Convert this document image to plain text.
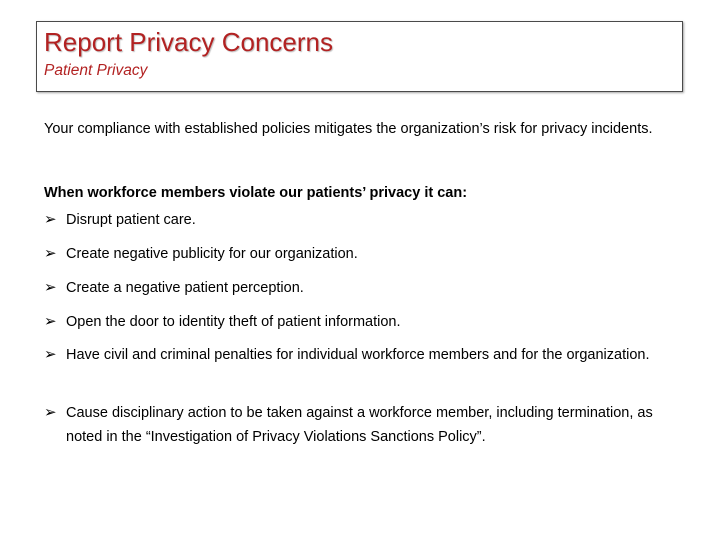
Report Privacy Concerns
Patient Privacy

Your compliance with established policies mitigates the organization’s risk for privacy incidents.

When workforce members violate our patients’ privacy it can:

➢ Disrupt patient care.
➢ Create negative publicity for our organization.
➢ Create a negative patient perception.
➢ Open the door to identity theft of patient information.
➢ Have civil and criminal penalties for individual workforce members and for the organization.
➢ Cause disciplinary action to be taken against a workforce member, including termination, as noted in the “Investigation of Privacy Violations Sanctions Policy”.
